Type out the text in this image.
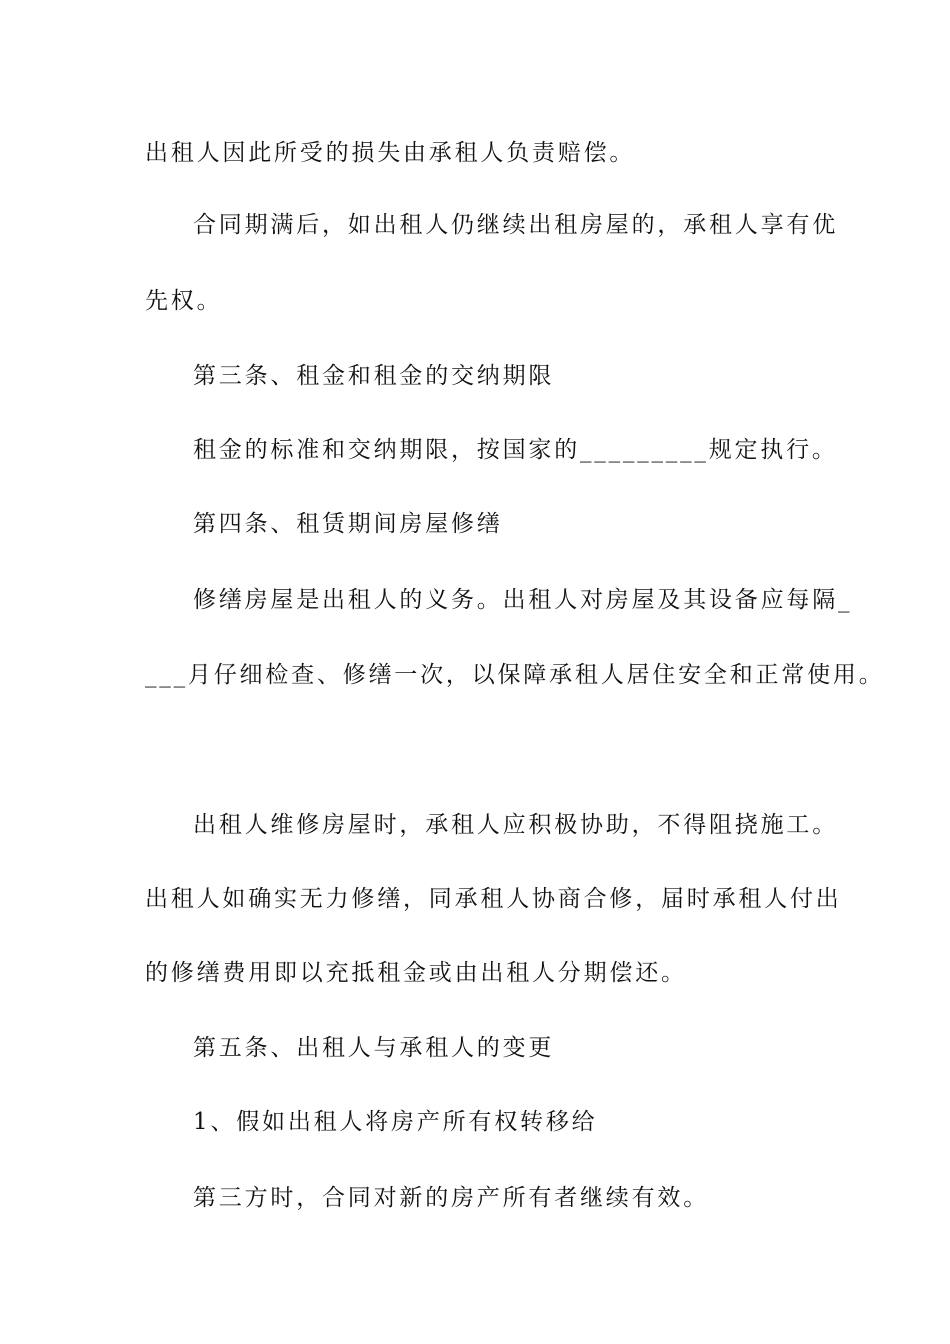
出租人因此所受的损失由承租人负责赔偿。
合同期满后，如出租人仍继续出租房屋的，承租人享有优
先权。
第三条、租金和租金的交纳期限
租金的标准和交纳期限，按国家的_________规定执行。
第四条、租赁期间房屋修缮
修缮房屋是出租人的义务。出租人对房屋及其设备应每隔_
___月仔细检查、修缮一次，以保障承租人居住安全和正常使用。
出租人维修房屋时，承租人应积极协助，不得阻挠施工。
出租人如确实无力修缮，同承租人协商合修，届时承租人付出
的修缮费用即以充抵租金或由出租人分期偿还。
第五条、出租人与承租人的变更
1、假如出租人将房产所有权转移给
第三方时，合同对新的房产所有者继续有效。
